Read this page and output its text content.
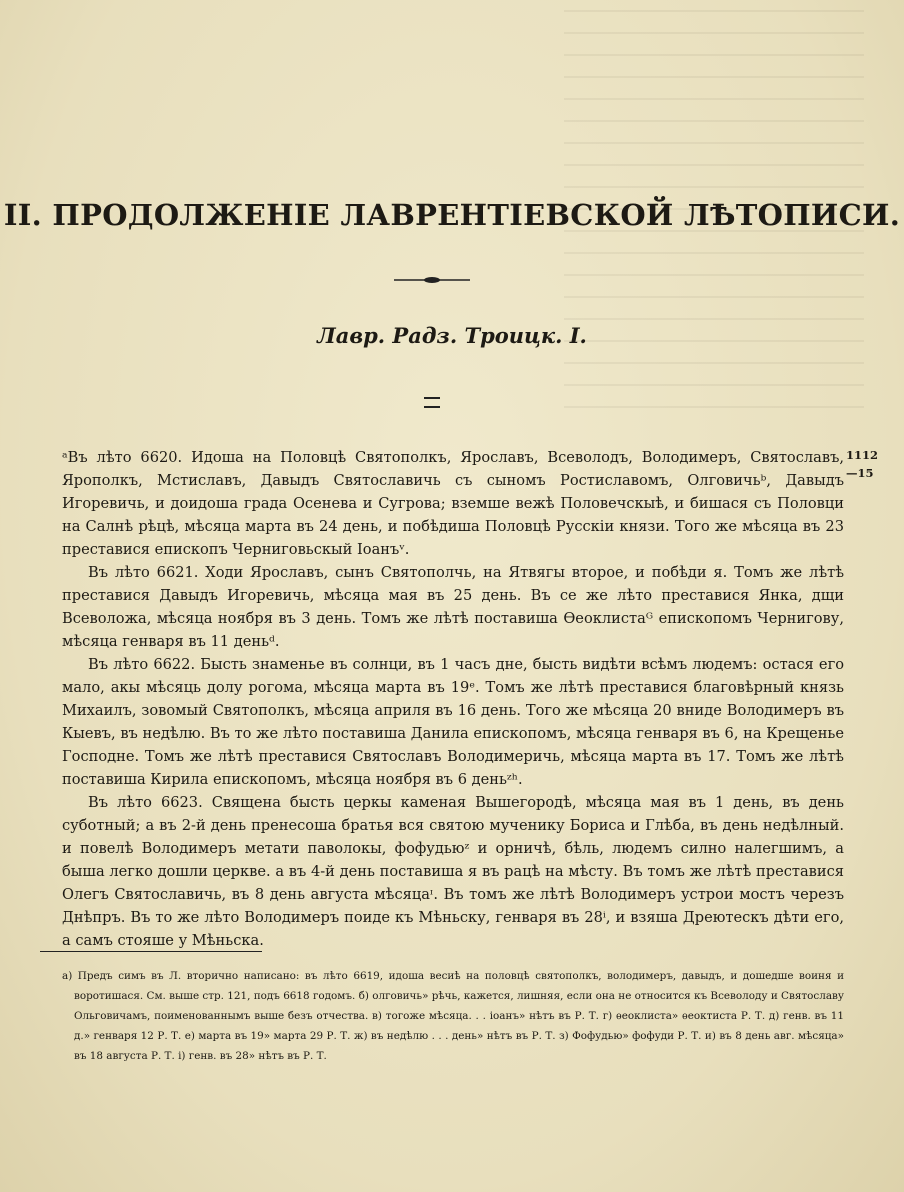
II. ПРОДОЛЖЕНІЕ ЛАВРЕНТІЕВСКОЙ ЛѢТОПИСИ.
Лавр. Радз. Троицк. I.
1112
—15

ᵃВъ лѣто 6620. Идоша на Половцѣ Святополкъ, Ярославъ, Всеволодъ, Володимеръ, Святославъ, Ярополкъ, Мстиславъ, Давыдъ Святославичь съ сыномъ Ростиславомъ, Олговичьᵇ, Давыдъ Игоревичь, и доидоша града Осенева и Сугрова; вземше вежѣ Половечскыѣ, и бишася съ Половци на Салнѣ рѣцѣ, мѣсяца марта въ 24 день, и побѣдиша Половцѣ Русскіи князи. Того же мѣсяца въ 23 преставися епископъ Черниговьскый Іоанъᵛ.

Въ лѣто 6621. Ходи Ярославъ, сынъ Святополчь, на Ятвягы второе, и побѣди я. Томъ же лѣтѣ преставися Давыдъ Игоревичь, мѣсяца мая въ 25 день. Въ се же лѣто преставися Янка, дщи Всеволожа, мѣсяца ноября въ 3 день. Томъ же лѣтѣ поставиша Ѳеоклистаᴳ епископомъ Чернигову, мѣсяца генваря въ 11 деньᵈ.

Въ лѣто 6622. Бысть знаменье въ солнци, въ 1 часъ дне, бысть видѣти всѣмъ людемъ: остася его мало, акы мѣсяць долу рогома, мѣсяца марта въ 19ᵉ. Томъ же лѣтѣ преставися благовѣрный князь Михаилъ, зовомый Святополкъ, мѣсяца априля въ 16 день. Того же мѣсяца 20 вниде Володимеръ въ Кыевъ, въ недѣлю. Въ то же лѣто поставиша Данила епископомъ, мѣсяца генваря въ 6, на Крещенье Господне. Томъ же лѣтѣ преставися Святославъ Володимеричь, мѣсяца марта въ 17. Томъ же лѣтѣ поставиша Кирила епископомъ, мѣсяца ноября въ 6 деньᶻʰ.

Въ лѣто 6623. Священа бысть церкы каменая Вышегородѣ, мѣсяца мая въ 1 день, въ день суботный; а въ 2-й день пренесоша братья вся святою мученику Бориса и Глѣба, въ день недѣлный. и повелѣ Володимеръ метати паволокы, фофудьюᶻ и орничѣ, бѣль, людемъ силно налегшимъ, а быша легко дошли церкве. а въ 4-й день поставиша я въ рацѣ на мѣсту. Въ томъ же лѣтѣ преставися Олегъ Святославичь, въ 8 день августа мѣсяцаᶦ. Въ томъ же лѣтѣ Володимеръ устрои мостъ черезъ Днѣпръ. Въ то же лѣто Володимеръ поиде къ Мѣньску, генваря въ 28ⁱ, и взяша Дреютескъ дѣти его, а самъ стояше у Мѣньска.

а) Предъ симъ въ Л. вторично написано: въ лѣто 6619, идоша весиѣ на половцѣ святополкъ, володимеръ, давыдъ, и дошедше воиня и воротишася. См. выше стр. 121, подъ 6618 годомъ. б) олговичь» рѣчь, кажется, лишняя, если она не относится къ Всеволоду и Святославу Ольговичамъ, поименованнымъ выше безъ отчества. в) тогоже мѣсяца. . . іоанъ» нѣтъ въ Р. Т. г) ѳеоклиста» ѳеоктиста Р. Т. д) генв. въ 11 д.» генваря 12 Р. Т. е) марта въ 19» марта 29 Р. Т. ж) въ недѣлю . . . день» нѣтъ въ Р. Т. з) Фофудью» фофуди Р. Т. и) въ 8 день авг. мѣсяца» въ 18 августа Р. Т. і) генв. въ 28» нѣтъ въ Р. Т.
